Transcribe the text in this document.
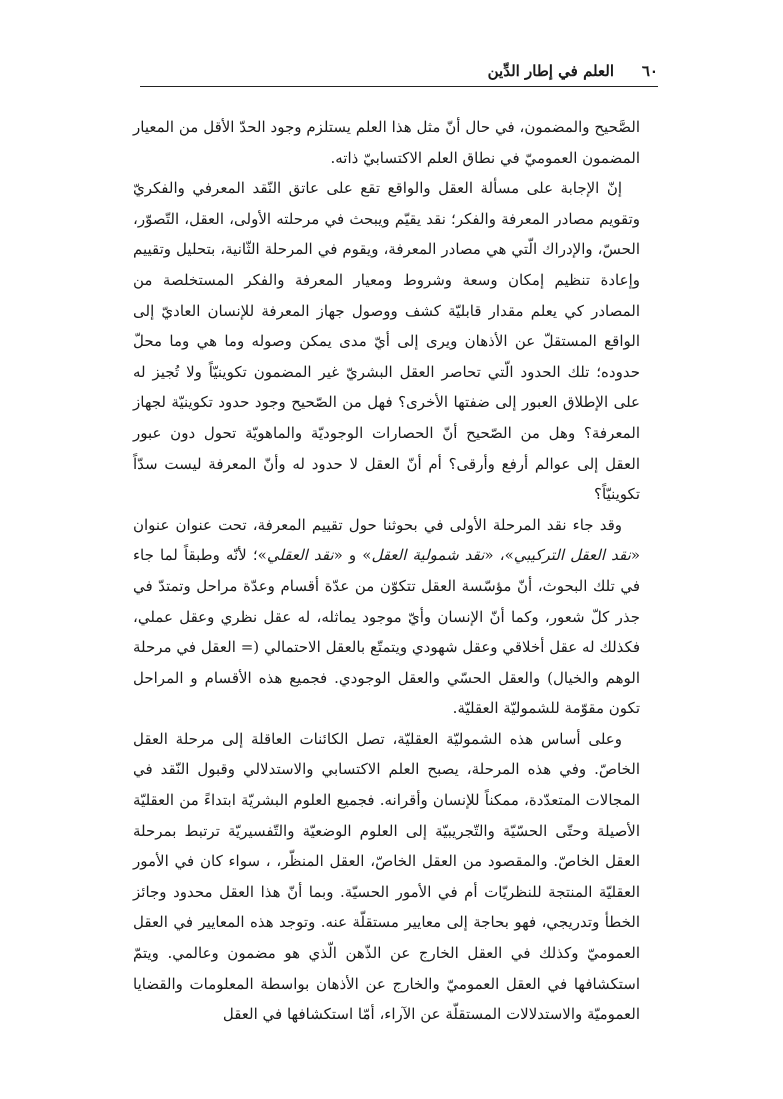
٦٠
العلم في إطار الدِّين

الصَّحيح والمضمون، في حال أنّ مثل هذا العلم يستلزم وجود الحدّ الأقل من المعيار المضمون العموميّ في نطاق العلم الاكتسابيّ ذاته.

إنّ الإجابة على مسألة العقل والواقع تقع على عاتق النّقد المعرفي والفكريّ وتقويم مصادر المعرفة والفكر؛ نقد يقيّم ويبحث في مرحلته الأولى، العقل، التّصوّر، الحسّ، والإدراك الّتي هي مصادر المعرفة، ويقوم في المرحلة الثّانية، بتحليل وتقييم وإعادة تنظيم إمكان وسعة وشروط ومعيار المعرفة والفكر المستخلصة من المصادر كي يعلم مقدار قابليّة كشف ووصول جهاز المعرفة للإنسان العاديّ إلى الواقع المستقلّ عن الأذهان ويرى إلى أيّ مدى يمكن وصوله وما هي وما محلّ حدوده؛ تلك الحدود الّتي تحاصر العقل البشريّ غير المضمون تكوينيّاً ولا تُجيز له على الإطلاق العبور إلى ضفتها الأخرى؟ فهل من الصّحيح وجود حدود تكوينيّة لجهاز المعرفة؟ وهل من الصّحيح أنّ الحصارات الوجوديّة والماهويّة تحول دون عبور العقل إلى عوالم أرفع وأرقى؟ أم أنّ العقل لا حدود له وأنّ المعرفة ليست سدّاً تكوينيّاً؟

وقد جاء نقد المرحلة الأولى في بحوثنا حول تقييم المعرفة، تحت عنوان عنوان «نقد العقل التركيبي»، «نقد شمولية العقل» و «نقد العقلي»؛ لأنّه وطبقاً لما جاء في تلك البحوث، أنّ مؤسّسة العقل تتكوّن من عدّة أقسام وعدّة مراحل وتمتدّ في جذر كلّ شعور، وكما أنّ الإنسان وأيّ موجود يماثله، له عقل نظري وعقل عملي، فكذلك له عقل أخلاقي وعقل شهودي ويتمتّع بالعقل الاحتمالي (= العقل في مرحلة الوهم والخيال) والعقل الحسّي والعقل الوجودي. فجميع هذه الأقسام و المراحل تكون مقوّمة للشموليّة العقليّة.

وعلى أساس هذه الشموليّة العقليّة، تصل الكائنات العاقلة إلى مرحلة العقل الخاصّ. وفي هذه المرحلة، يصبح العلم الاكتسابي والاستدلالي وقبول النّقد في المجالات المتعدّدة، ممكناً للإنسان وأقرانه. فجميع العلوم البشريّة ابتداءً من العقليّة الأصيلة وحتّى الحسّيّة والتّجريبيّة إلى العلوم الوضعيّة والتّفسيريّة ترتبط بمرحلة العقل الخاصّ. والمقصود من العقل الخاصّ، العقل المنظّر، ، سواء كان في الأمور العقليّة المنتجة للنظريّات أم في الأمور الحسيّة. وبما أنّ هذا العقل محدود وجائز الخطأ وتدريجي، فهو بحاجة إلى معايير مستقلّة عنه. وتوجد هذه المعايير في العقل العموميّ وكذلك في العقل الخارج عن الذّهن الّذي هو مضمون وعالمي. ويتمّ استكشافها في العقل العموميّ والخارج عن الأذهان بواسطة المعلومات والقضايا العموميّة والاستدلالات المستقلّة عن الآراء، أمّا استكشافها في العقل
